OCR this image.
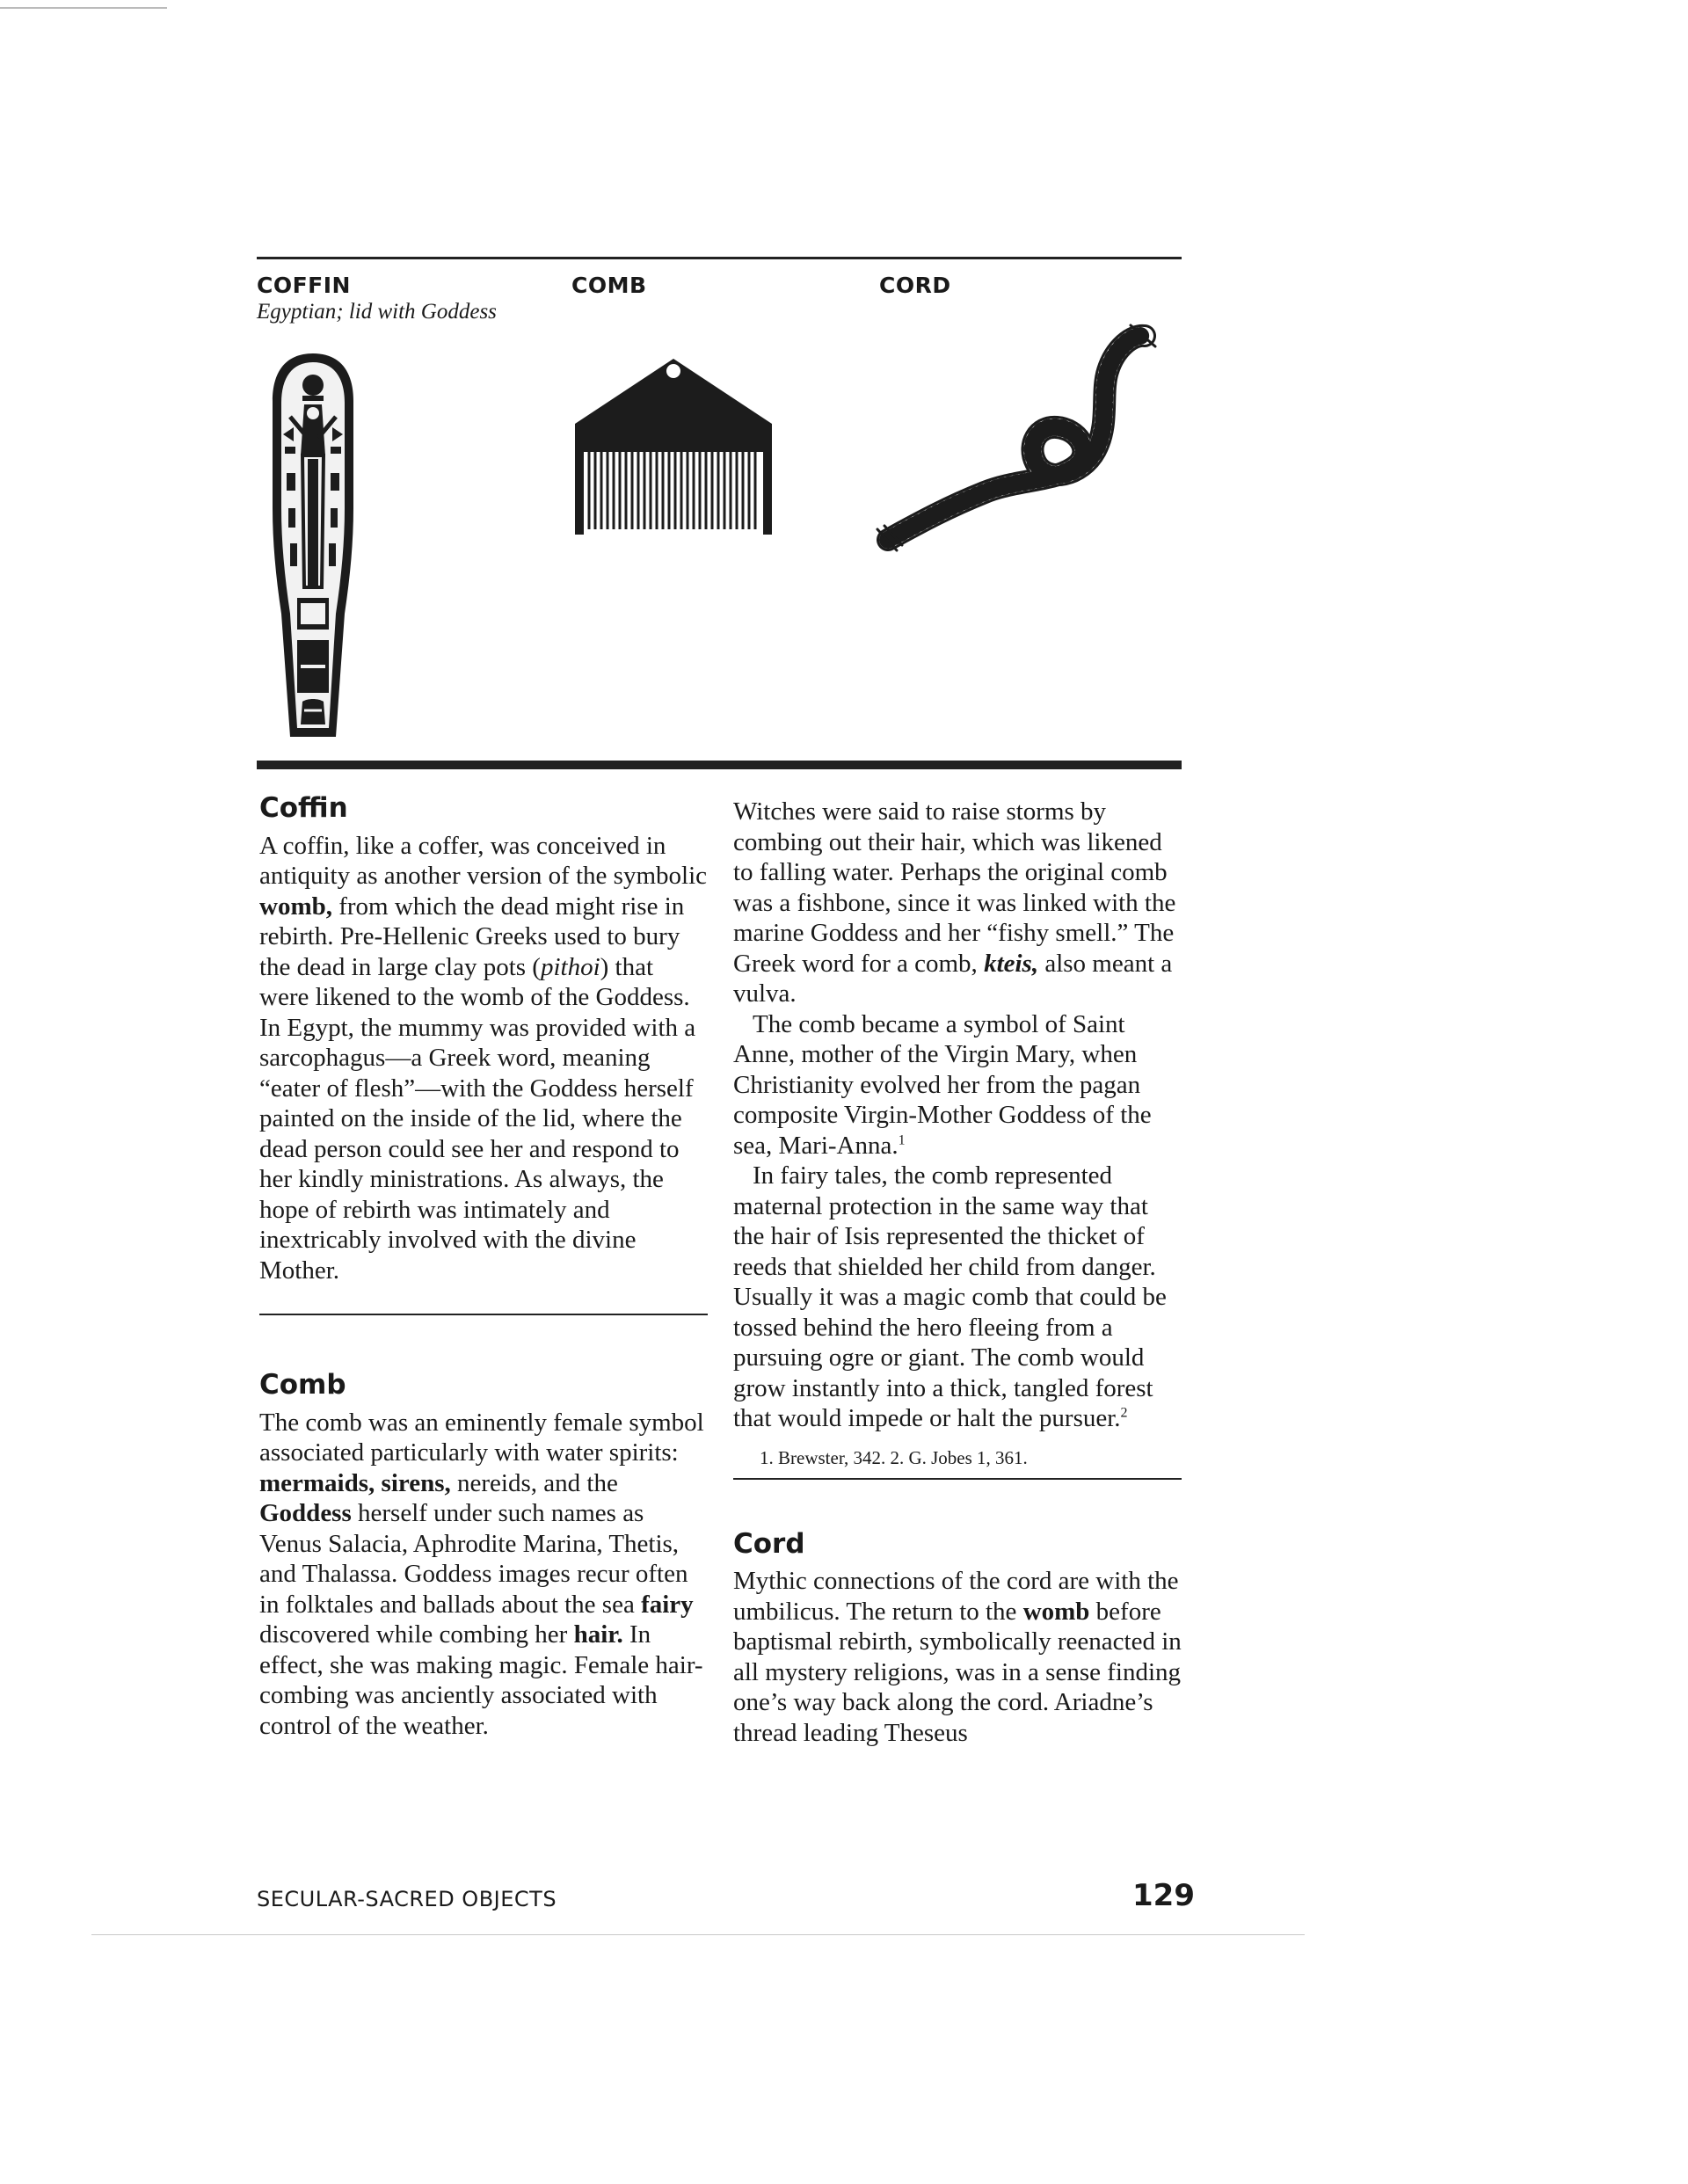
COFFIN
Egyptian; lid with Goddess
COMB	CORD
Coffin

A coffin, like a coffer, was conceived in antiquity as another version of the symbolic womb, from which the dead might rise in rebirth. Pre-Hellenic Greeks used to bury the dead in large clay pots (pithoi) that were likened to the womb of the Goddess. In Egypt, the mummy was provided with a sarcophagus—a Greek word, meaning “eater of flesh”—with the Goddess herself painted on the inside of the lid, where the dead person could see her and respond to her kindly ministrations. As always, the hope of rebirth was intimately and inextricably involved with the divine Mother.

Comb

The comb was an eminently female symbol associated particularly with water spirits: mermaids, sirens, nereids, and the Goddess herself under such names as Venus Salacia, Aphrodite Marina, Thetis, and Thalassa. Goddess images recur often in folktales and ballads about the sea fairy discovered while combing her hair. In effect, she was making magic. Female hair-combing was anciently associated with control of the weather.

Witches were said to raise storms by combing out their hair, which was likened to falling water. Perhaps the original comb was a fishbone, since it was linked with the marine Goddess and her “fishy smell.” The Greek word for a comb, kteis, also meant a vulva.

The comb became a symbol of Saint Anne, mother of the Virgin Mary, when Christianity evolved her from the pagan composite Virgin-Mother Goddess of the sea, Mari-Anna.$^1$

In fairy tales, the comb represented maternal protection in the same way that the hair of Isis represented the thicket of reeds that shielded her child from danger. Usually it was a magic comb that could be tossed behind the hero fleeing from a pursuing ogre or giant. The comb would grow instantly into a thick, tangled forest that would impede or halt the pursuer.$^2$

1. Brewster, 342. 2. G. Jobes 1, 361.
Cord

Mythic connections of the cord are with the umbilicus. The return to the womb before baptismal rebirth, symbolically reenacted in all mystery religions, was in a sense finding one’s way back along the cord. Ariadne’s thread leading Theseus

SECULAR-SACRED OBJECTS	129
